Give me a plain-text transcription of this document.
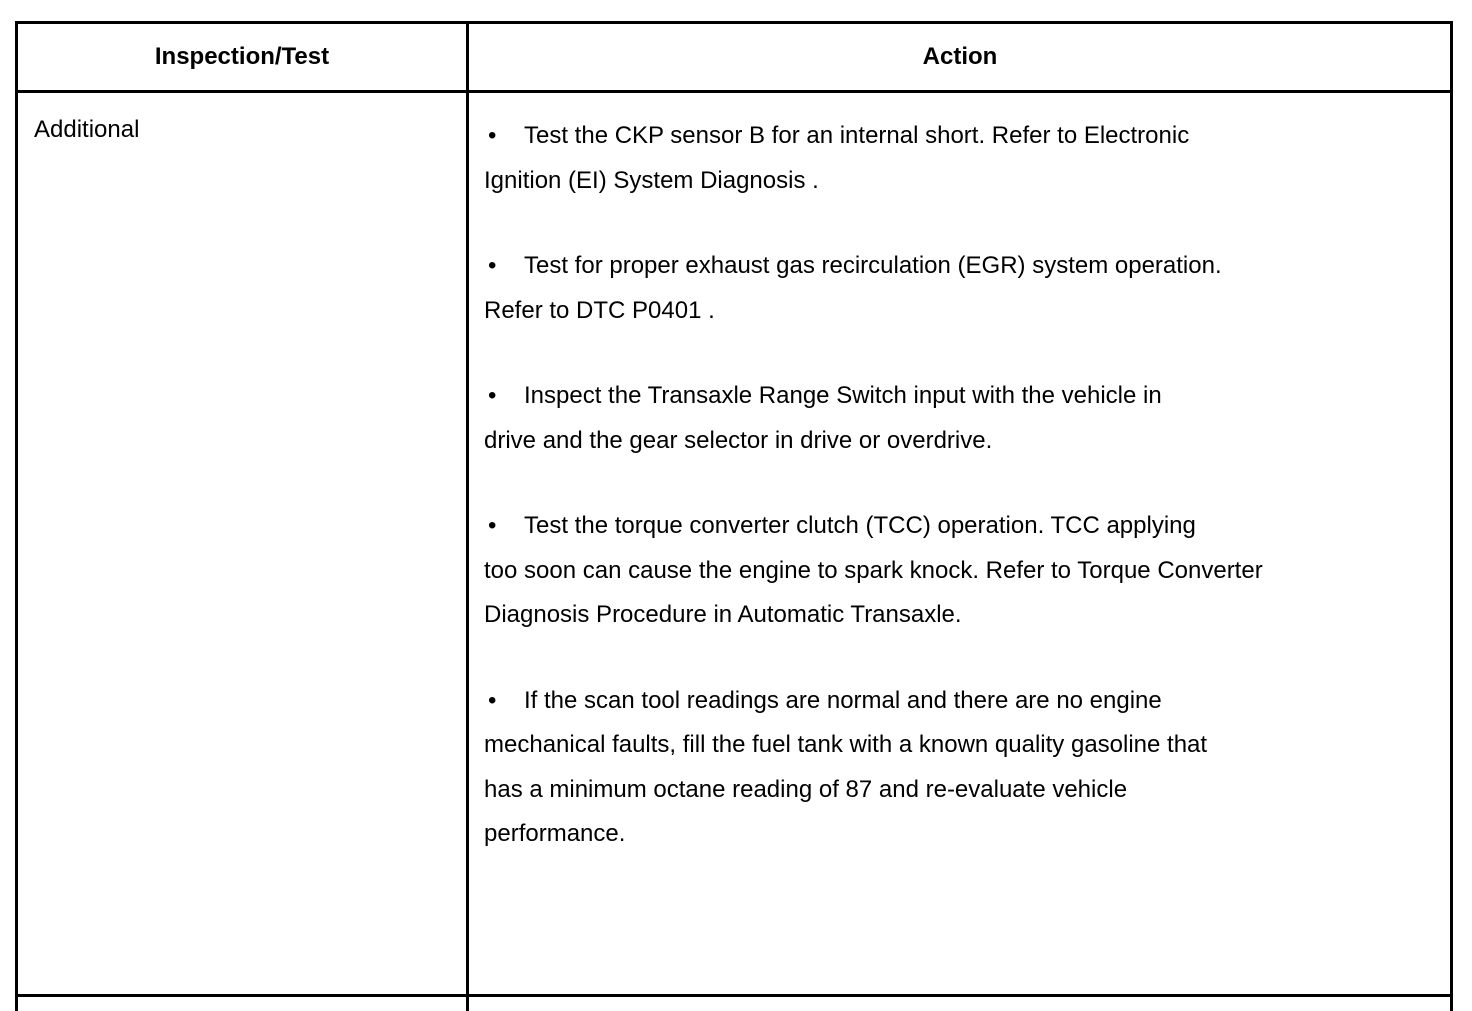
Inspection/Test	Action
Additional	• Test the CKP sensor B for an internal short. Refer to Electronic
Ignition (EI) System Diagnosis .
• Test for proper exhaust gas recirculation (EGR) system operation.
Refer to DTC P0401 .
• Inspect the Transaxle Range Switch input with the vehicle in
drive and the gear selector in drive or overdrive.
• Test the torque converter clutch (TCC) operation. TCC applying
too soon can cause the engine to spark knock. Refer to Torque Converter
Diagnosis Procedure in Automatic Transaxle.
• If the scan tool readings are normal and there are no engine
mechanical faults, fill the fuel tank with a known quality gasoline that
has a minimum octane reading of 87 and re-evaluate vehicle
performance.
